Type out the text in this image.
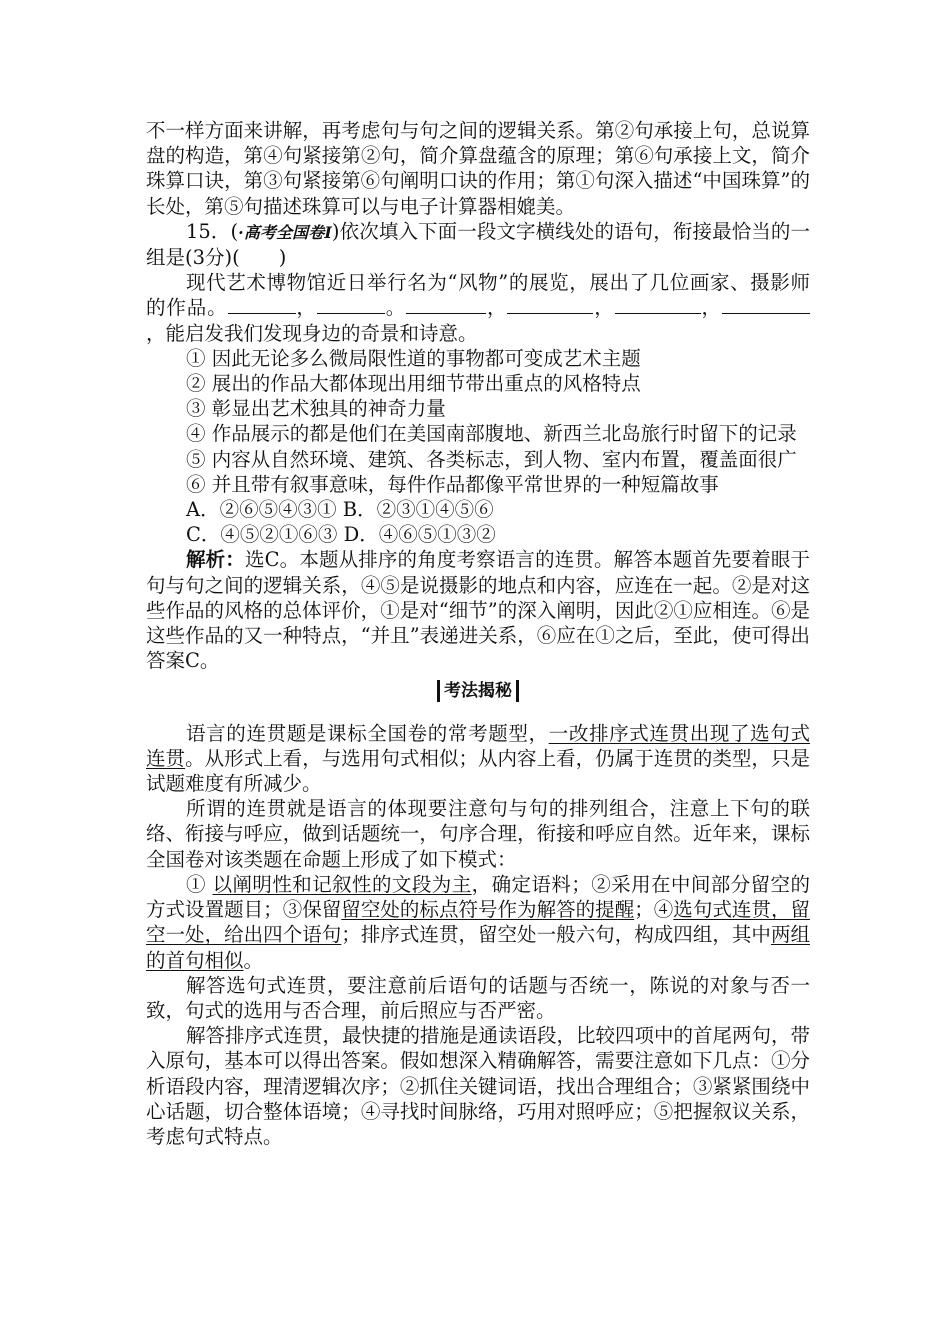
不一样方面来讲解，再考虑句与句之间的逻辑关系。第②句承接上句，总说算盘的构造，第④句紧接第②句，简介算盘蕴含的原理；第⑥句承接上文，简介珠算口诀，第③句紧接第⑥句阐明口诀的作用；第①句深入描述“中国珠算”的长处，第⑤句描述珠算可以与电子计算器相媲美。

15．(·高考全国卷Ⅰ)依次填入下面一段文字横线处的语句，衔接最恰当的一组是(3分)(　　)

现代艺术博物馆近日举行名为“风物”的展览，展出了几位画家、摄影师的作品。	，	。	，	，	，，能启发我们发现身边的奇景和诗意。

① 因此无论多么微局限性道的事物都可变成艺术主题

② 展出的作品大都体现出用细节带出重点的风格特点

③ 彰显出艺术独具的神奇力量

④ 作品展示的都是他们在美国南部腹地、新西兰北岛旅行时留下的记录

⑤ 内容从自然环境、建筑、各类标志，到人物、室内布置，覆盖面很广

⑥ 并且带有叙事意味，每件作品都像平常世界的一种短篇故事

A．②⑥⑤④③① B．②③①④⑤⑥

C．④⑤②①⑥③ D．④⑥⑤①③②

解析：选C。本题从排序的角度考察语言的连贯。解答本题首先要着眼于句与句之间的逻辑关系，④⑤是说摄影的地点和内容，应连在一起。②是对这些作品的风格的总体评价，①是对“细节”的深入阐明，因此②①应相连。⑥是这些作品的又一种特点，“并且”表递进关系，⑥应在①之后，至此，使可得出答案C。

考法揭秘

语言的连贯题是课标全国卷的常考题型，一改排序式连贯出现了选句式连贯。从形式上看，与选用句式相似；从内容上看，仍属于连贯的类型，只是试题难度有所减少。

所谓的连贯就是语言的体现要注意句与句的排列组合，注意上下句的联络、衔接与呼应，做到话题统一，句序合理，衔接和呼应自然。近年来，课标全国卷对该类题在命题上形成了如下模式：

① 以阐明性和记叙性的文段为主，确定语料；②采用在中间部分留空的方式设置题目；③保留留空处的标点符号作为解答的提醒；④选句式连贯，留空一处，给出四个语句；排序式连贯，留空处一般六句，构成四组，其中两组的首句相似。

解答选句式连贯，要注意前后语句的话题与否统一，陈说的对象与否一致，句式的选用与否合理，前后照应与否严密。

解答排序式连贯，最快捷的措施是通读语段，比较四项中的首尾两句，带入原句，基本可以得出答案。假如想深入精确解答，需要注意如下几点：①分析语段内容，理清逻辑次序；②抓住关键词语，找出合理组合；③紧紧围绕中心话题，切合整体语境；④寻找时间脉络，巧用对照呼应；⑤把握叙议关系，考虑句式特点。
